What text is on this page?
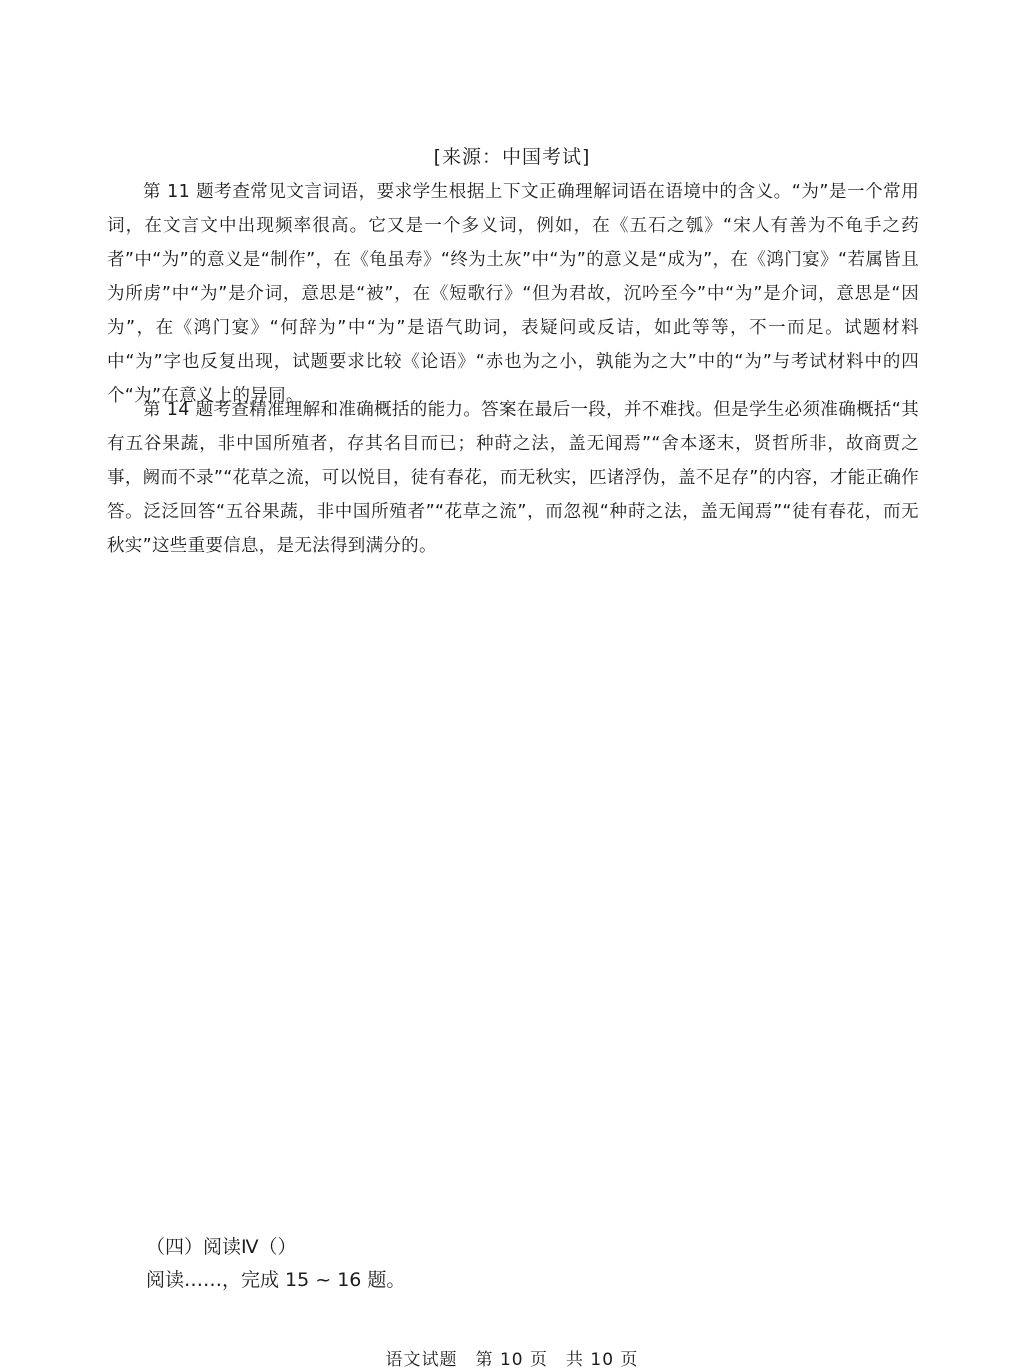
[来源：中国考试]

第 11 题考查常见文言词语，要求学生根据上下文正确理解词语在语境中的含义。“为”是一个常用词，在文言文中出现频率很高。它又是一个多义词，例如，在《五石之瓠》“宋人有善为不龟手之药者”中“为”的意义是“制作”，在《龟虽寿》“终为土灰”中“为”的意义是“成为”，在《鸿门宴》“若属皆且为所虏”中“为”是介词，意思是“被”，在《短歌行》“但为君故，沉吟至今”中“为”是介词，意思是“因为”，在《鸿门宴》“何辞为”中“为”是语气助词，表疑问或反诘，如此等等，不一而足。试题材料中“为”字也反复出现，试题要求比较《论语》“赤也为之小，孰能为之大”中的“为”与考试材料中的四个“为”在意义上的异同。

第 14 题考查精准理解和准确概括的能力。答案在最后一段，并不难找。但是学生必须准确概括“其有五谷果蔬，非中国所殖者，存其名目而已；种莳之法，盖无闻焉”“舍本逐末，贤哲所非，故商贾之事，阙而不录”“花草之流，可以悦目，徒有春花，而无秋实，匹诸浮伪，盖不足存”的内容，才能正确作答。泛泛回答“五谷果蔬，非中国所殖者”“花草之流”，而忽视“种莳之法，盖无闻焉”“徒有春花，而无秋实”这些重要信息，是无法得到满分的。

（四）阅读Ⅳ（）
阅读……，完成 15 ~ 16 题。
语文试题　第 10 页　共 10 页
